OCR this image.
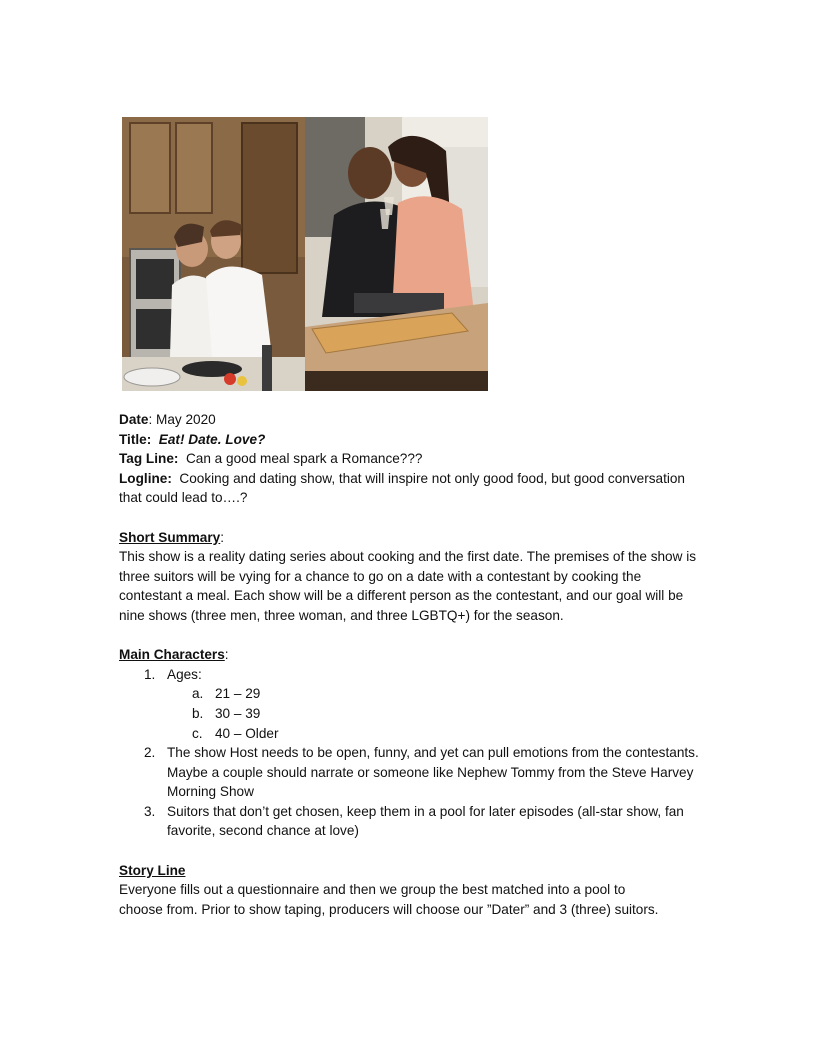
Date: May 2020

Title: Eat! Date. Love?

Tag Line: Can a good meal spark a Romance???

Logline: Cooking and dating show, that will inspire not only good food, but good conversation that could lead to….?

Short Summary:

This show is a reality dating series about cooking and the first date. The premises of the show is three suitors will be vying for a chance to go on a date with a contestant by cooking the contestant a meal. Each show will be a different person as the contestant, and our goal will be nine shows (three men, three woman, and three LGBTQ+) for the season.

Main Characters:

1. Ages:
a. 21 – 29
b. 30 – 39
c. 40 – Older
2. The show Host needs to be open, funny, and yet can pull emotions from the contestants. Maybe a couple should narrate or someone like Nephew Tommy from the Steve Harvey Morning Show
3. Suitors that don’t get chosen, keep them in a pool for later episodes (all-star show, fan favorite, second chance at love)

Story Line

Everyone fills out a questionnaire and then we group the best matched into a pool to choose from. Prior to show taping, producers will choose our ”Dater” and 3 (three) suitors.
